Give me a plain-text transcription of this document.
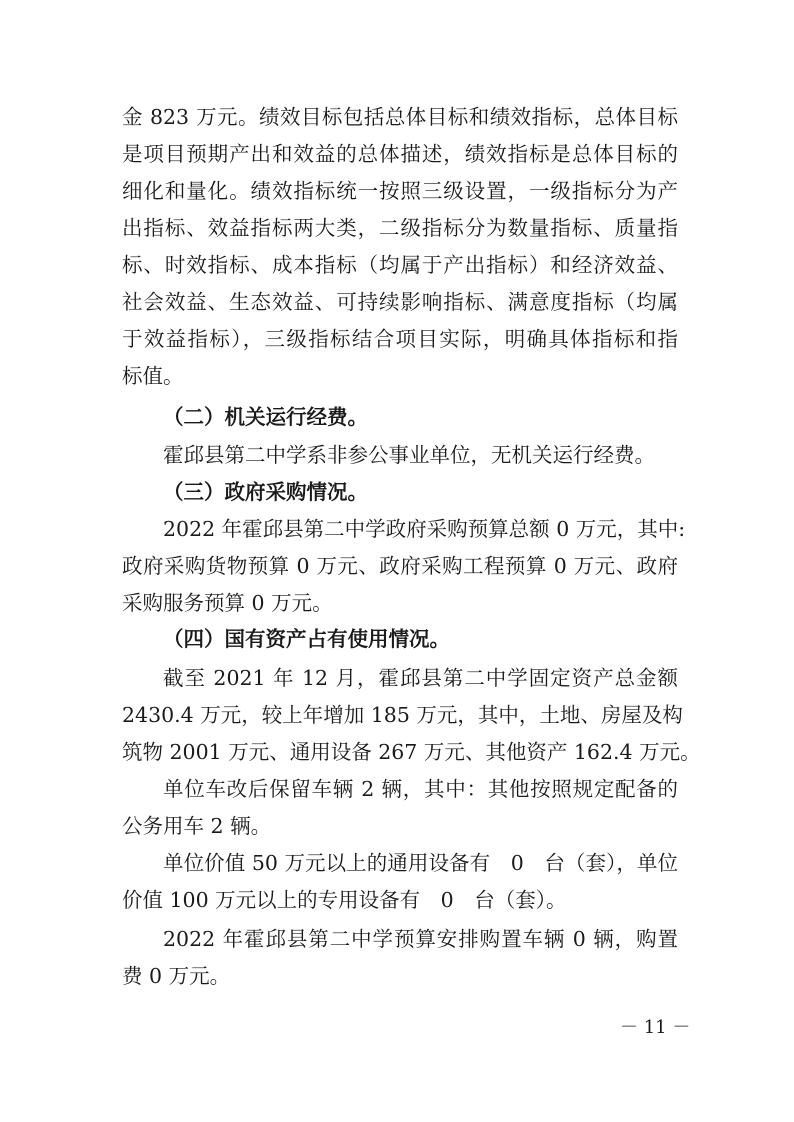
金 823 万元。绩效目标包括总体目标和绩效指标，总体目标
是项目预期产出和效益的总体描述，绩效指标是总体目标的
细化和量化。绩效指标统一按照三级设置，一级指标分为产
出指标、效益指标两大类，二级指标分为数量指标、质量指
标、时效指标、成本指标（均属于产出指标）和经济效益、
社会效益、生态效益、可持续影响指标、满意度指标（均属
于效益指标），三级指标结合项目实际，明确具体指标和指
标值。
（二）机关运行经费。
霍邱县第二中学系非参公事业单位，无机关运行经费。
（三）政府采购情况。
2022 年霍邱县第二中学政府采购预算总额 0 万元，其中:
政府采购货物预算 0 万元、政府采购工程预算 0 万元、政府
采购服务预算 0 万元。
（四）国有资产占有使用情况。
截至 2021 年 12 月，霍邱县第二中学固定资产总金额
2430.4 万元，较上年增加 185 万元，其中，土地、房屋及构
筑物 2001 万元、通用设备 267 万元、其他资产 162.4 万元。
单位车改后保留车辆 2 辆，其中：其他按照规定配备的
公务用车 2 辆。
单位价值 50 万元以上的通用设备有　0　台（套），单位
价值 100 万元以上的专用设备有　0　台（套）。
2022 年霍邱县第二中学预算安排购置车辆 0 辆，购置
费 0 万元。
－ 11 －
